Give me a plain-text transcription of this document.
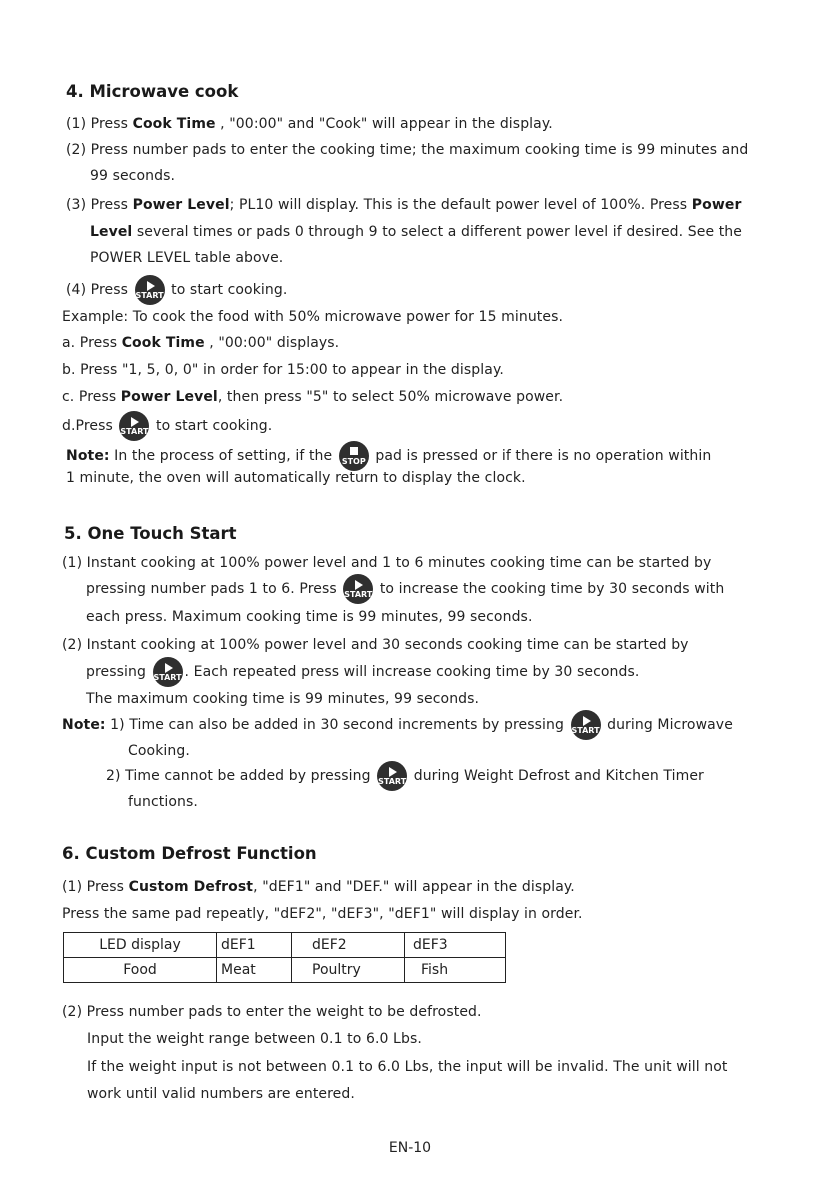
4. Microwave cook
(1) Press Cook Time , "00:00" and "Cook" will appear in the display.
(2) Press number pads to enter the cooking time; the maximum cooking time is 99 minutes and
99 seconds.
(3) Press Power Level; PL10 will display. This is the default power level of 100%. Press Power
Level several times or pads 0 through 9 to select a different power level if desired. See the
POWER LEVEL table above.
(4) Press START to start cooking.
Example: To cook the food with 50% microwave power for 15 minutes.
a. Press Cook Time , "00:00" displays.
b. Press "1, 5, 0, 0" in order for 15:00 to appear in the display.
c. Press Power Level, then press "5" to select 50% microwave power.
d.Press START to start cooking.
Note: In the process of setting, if the STOP pad is pressed or if there is no operation within
1 minute, the oven will automatically return to display the clock.
5. One Touch Start
(1) Instant cooking at 100% power level and 1 to 6 minutes cooking time can be started by
pressing number pads 1 to 6. Press START to increase the cooking time by 30 seconds with
each press. Maximum cooking time is 99 minutes, 99 seconds.
(2) Instant cooking at 100% power level and 30 seconds cooking time can be started by
pressing START . Each repeated press will increase cooking time by 30 seconds.
The maximum cooking time is 99 minutes, 99 seconds.
Note: 1) Time can also be added in 30 second increments by pressing START during Microwave
Cooking.
2) Time cannot be added by pressing START during Weight Defrost and Kitchen Timer
functions.
6. Custom Defrost Function
(1) Press Custom Defrost, "dEF1" and "DEF." will appear in the display.
Press the same pad repeatly, "dEF2", "dEF3", "dEF1" will display in order.
LED display	dEF1	dEF2	dEF3
Food	Meat	Poultry	Fish
(2) Press number pads to enter the weight to be defrosted.
Input the weight range between 0.1 to 6.0 Lbs.
If the weight input is not between 0.1 to 6.0 Lbs, the input will be invalid. The unit will not
work until valid numbers are entered.
EN-10
